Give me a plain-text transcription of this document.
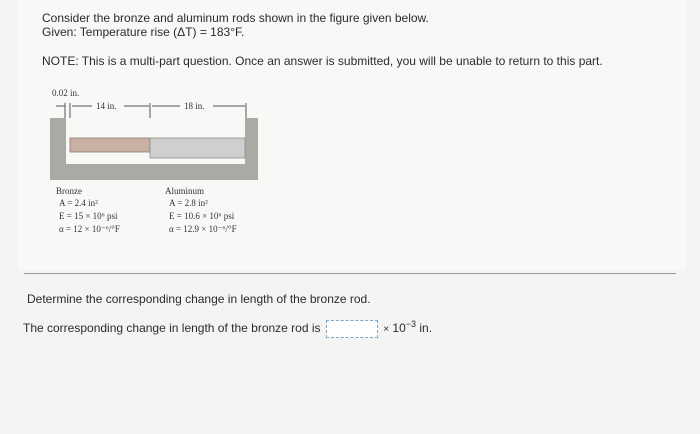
Consider the bronze and aluminum rods shown in the figure given below.
Given: Temperature rise (ΔT) = 183°F.
NOTE: This is a multi-part question. Once an answer is submitted, you will be unable to return to this part.
0.02 in.
14 in.	18 in.
Bronze
A = 2.4 in²
E = 15 × 10⁶ psi
α = 12 × 10⁻⁶/°F
Aluminum
A = 2.8 in²
E = 10.6 × 10⁶ psi
α = 12.9 × 10⁻⁶/°F
Determine the corresponding change in length of the bronze rod.
The corresponding change in length of the bronze rod is	× $10^{-3}$ in.
